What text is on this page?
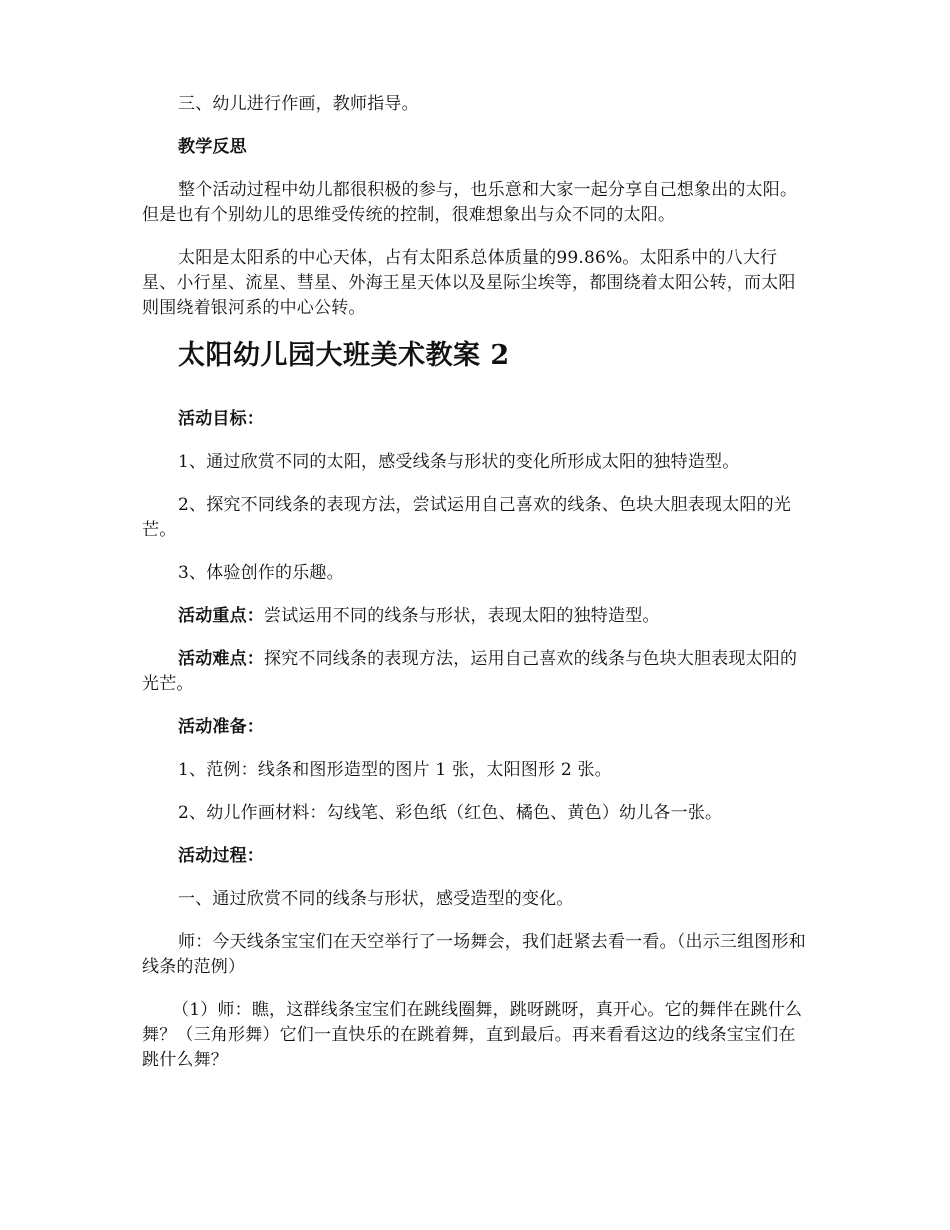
三、幼儿进行作画，教师指导。

教学反思

整个活动过程中幼儿都很积极的参与，也乐意和大家一起分享自己想象出的太阳。但是也有个别幼儿的思维受传统的控制，很难想象出与众不同的太阳。

太阳是太阳系的中心天体，占有太阳系总体质量的99.86%。太阳系中的八大行星、小行星、流星、彗星、外海王星天体以及星际尘埃等，都围绕着太阳公转，而太阳则围绕着银河系的中心公转。

太阳幼儿园大班美术教案 2

活动目标：

1、通过欣赏不同的太阳，感受线条与形状的变化所形成太阳的独特造型。

2、探究不同线条的表现方法，尝试运用自己喜欢的线条、色块大胆表现太阳的光芒。

3、体验创作的乐趣。

活动重点：尝试运用不同的线条与形状，表现太阳的独特造型。

活动难点：探究不同线条的表现方法，运用自己喜欢的线条与色块大胆表现太阳的光芒。

活动准备：

1、范例：线条和图形造型的图片 1 张，太阳图形 2 张。

2、幼儿作画材料：勾线笔、彩色纸（红色、橘色、黄色）幼儿各一张。

活动过程：

一、通过欣赏不同的线条与形状，感受造型的变化。

师：今天线条宝宝们在天空举行了一场舞会，我们赶紧去看一看。（出示三组图形和线条的范例）

（1）师：瞧，这群线条宝宝们在跳线圈舞，跳呀跳呀，真开心。它的舞伴在跳什么舞？（三角形舞）它们一直快乐的在跳着舞，直到最后。再来看看这边的线条宝宝们在跳什么舞？
